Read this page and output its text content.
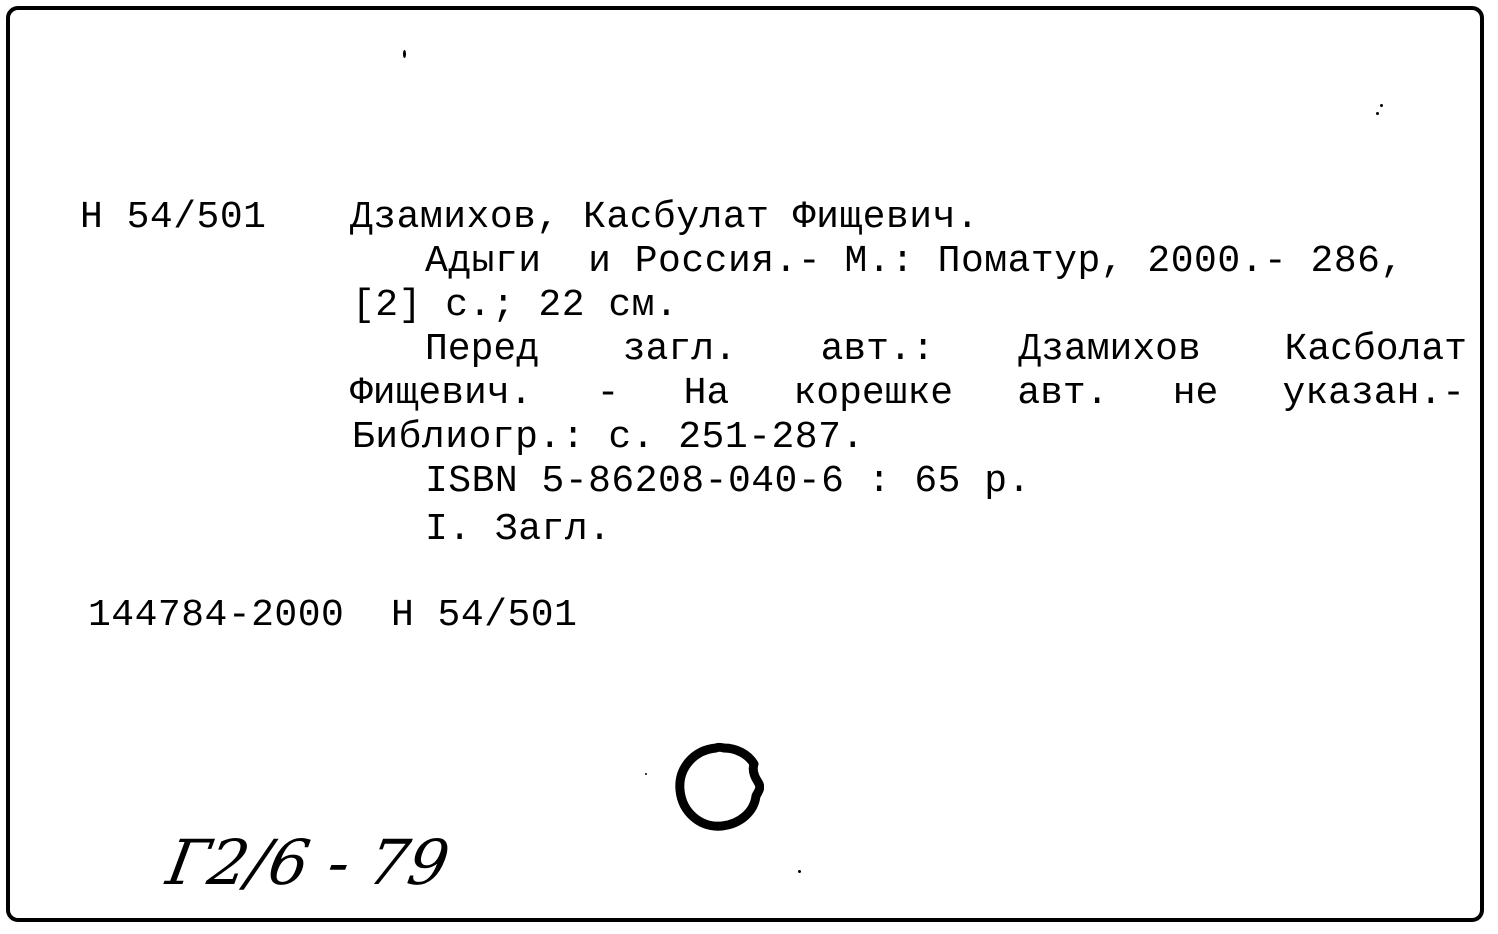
Н 54/501 Дзамихов, Касбулат Фищевич.
Адыги  и Россия.- М.: Поматур, 2000.- 286,
[2] с.; 22 см.
Перед загл. авт.: Дзамихов Касболат
Фищевич. - На корешке авт. не указан.-
Библиогр.: с. 251-287.
ISBN 5-86208-040-6 : 65 р.
I. Загл.
144784-2000  Н 54/501
Г2/6 - 79
